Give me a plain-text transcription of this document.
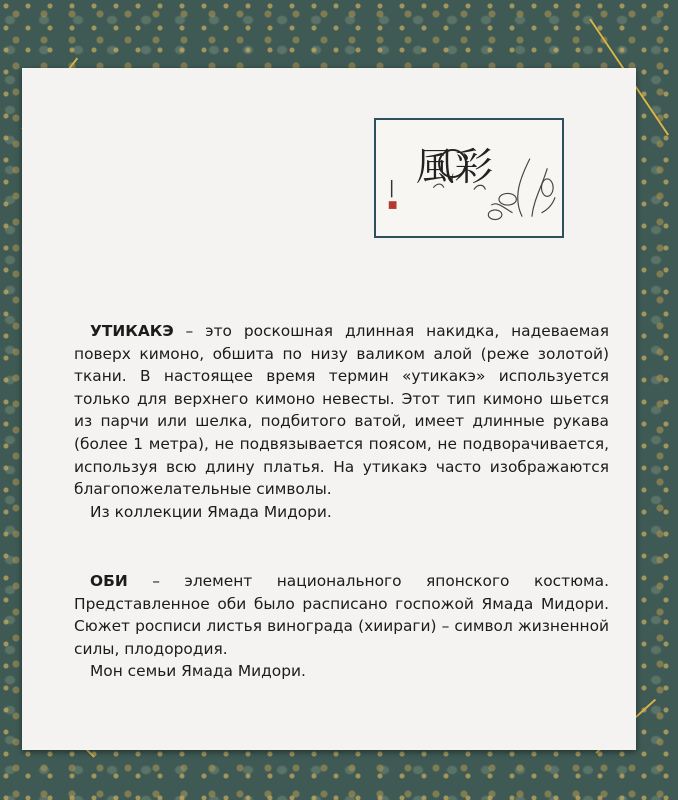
風彩

УТИКАКЭ – это роскошная длинная накидка, надеваемая поверх кимоно, обшита по низу валиком алой (реже золотой) ткани. В настоящее время термин «утикакэ» используется только для верхнего кимоно невесты. Этот тип кимоно шьется из парчи или шелка, подбитого ватой, имеет длинные рукава (более 1 метра), не подвязывается поясом, не подворачивается, используя всю длину платья. На утикакэ часто изображаются благопожелательные символы.

Из коллекции Ямада Мидори.

ОБИ – элемент национального японского костюма. Представленное оби было расписано госпожой Ямада Мидори. Сюжет росписи листья винограда (хиираги) – символ жизненной силы, плодородия.

Мон семьи Ямада Мидори.
